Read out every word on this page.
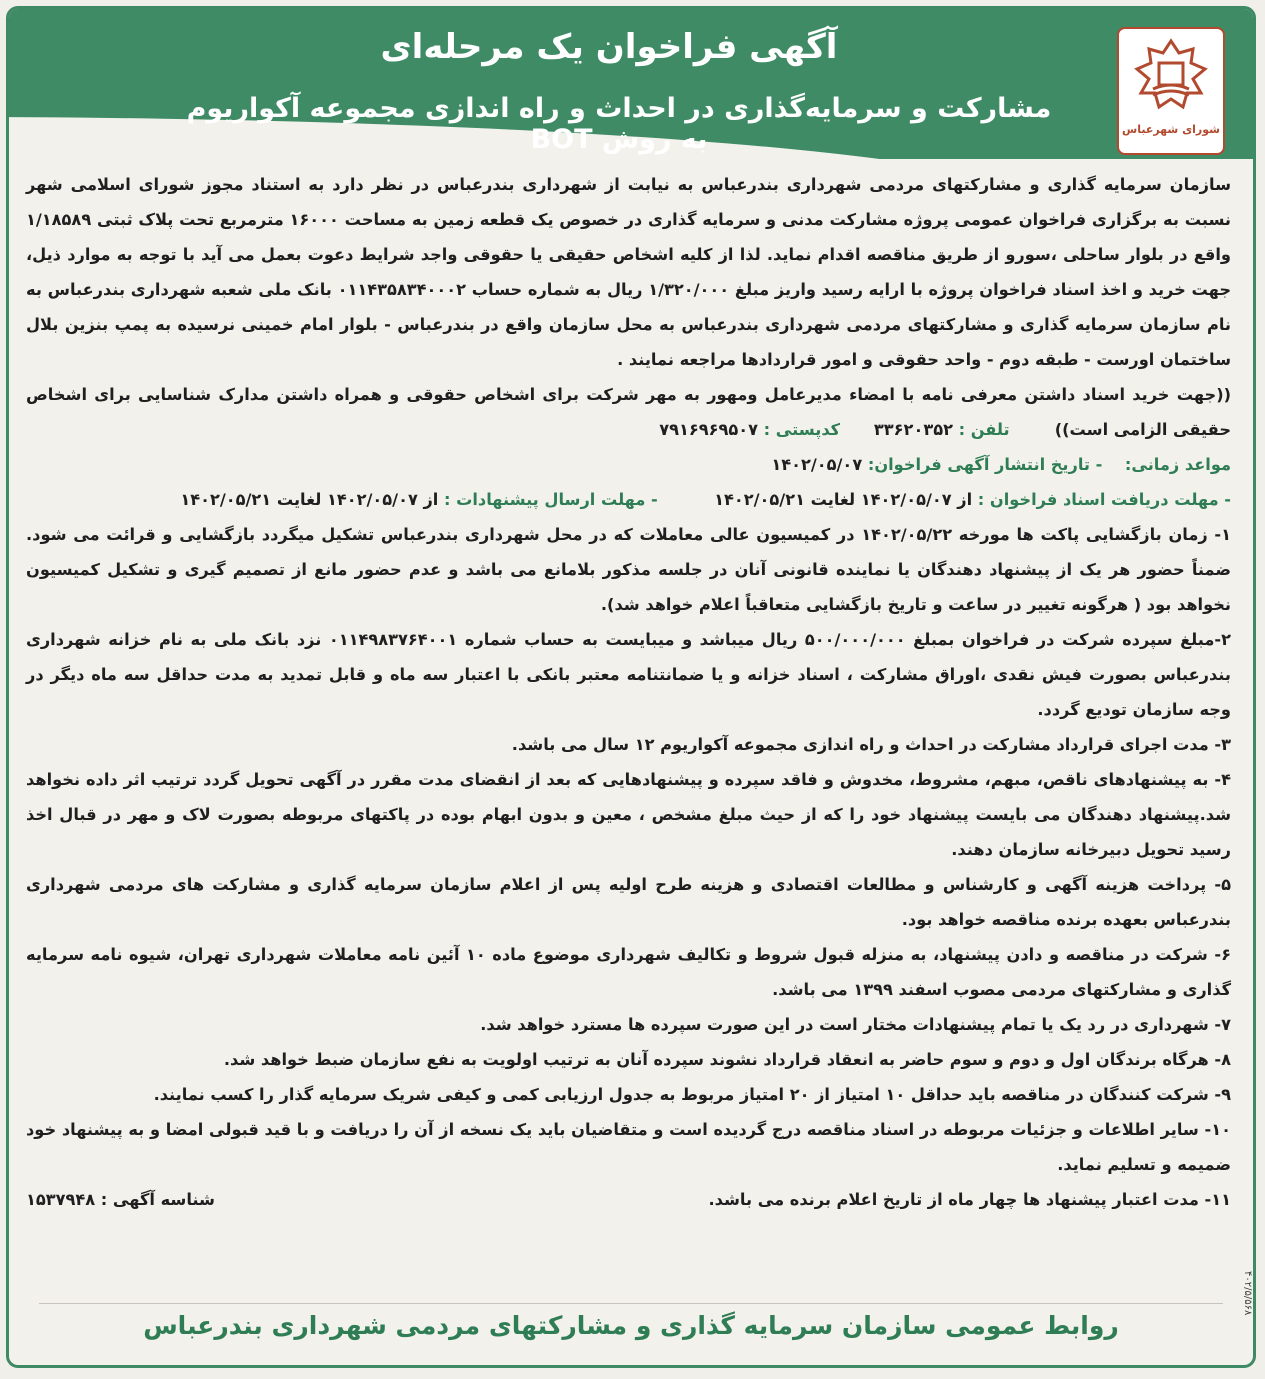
آگهی فراخوان یک مرحله‌ای
مشارکت و سرمایه‌گذاری در احداث و راه اندازی مجموعه آکواریوم به روش BOT	شورای شهرعباس

سازمان سرمایه گذاری و مشارکتهای مردمی شهرداری بندرعباس به نیابت از شهرداری بندرعباس در نظر دارد به استناد مجوز شورای اسلامی شهر نسبت به برگزاری فراخوان عمومی پروژه مشارکت مدنی و سرمایه گذاری در خصوص یک قطعه زمین به مساحت ۱۶۰۰۰ مترمربع تحت پلاک ثبتی ۱/۱۸۵۸۹ واقع در بلوار ساحلی ،سورو از طریق مناقصه اقدام نماید. لذا از کلیه اشخاص حقیقی یا حقوقی واجد شرایط دعوت بعمل می آید با توجه به موارد ذیل، جهت خرید و اخذ اسناد فراخوان پروژه با ارایه رسید واریز مبلغ ۱/۳۲۰/۰۰۰ ریال به شماره حساب ۰۱۱۴۳۵۸۳۴۰۰۰۲ بانک ملی شعبه شهرداری بندرعباس به نام سازمان سرمایه گذاری و مشارکتهای مردمی شهرداری بندرعباس به محل سازمان واقع در بندرعباس - بلوار امام خمینی نرسیده به پمپ بنزین بلال ساختمان اورست - طبقه دوم - واحد حقوقی و امور قراردادها مراجعه نمایند .

((جهت خرید اسناد داشتن معرفی نامه با امضاء مدیرعامل ومهور به مهر شرکت برای اشخاص حقوقی و همراه داشتن مدارک شناسایی برای اشخاص حقیقی الزامی است))        تلفن : ۳۳۶۲۰۳۵۲      کدپستی : ۷۹۱۶۹۶۹۵۰۷

مواعد زمانی:    - تاریخ انتشار آگهی فراخوان: ۱۴۰۲/۰۵/۰۷

- مهلت دریافت اسناد فراخوان : از ۱۴۰۲/۰۵/۰۷ لغایت ۱۴۰۲/۰۵/۲۱          - مهلت ارسال پیشنهادات : از ۱۴۰۲/۰۵/۰۷ لغایت ۱۴۰۲/۰۵/۲۱

۱- زمان بازگشایی پاکت ها مورخه ۱۴۰۲/۰۵/۲۲ در کمیسیون عالی معاملات که در محل شهرداری بندرعباس تشکیل میگردد بازگشایی و قرائت می شود. ضمناً حضور هر یک از پیشنهاد دهندگان یا نماینده قانونی آنان در جلسه مذکور بلامانع می باشد و عدم حضور مانع از تصمیم گیری و تشکیل کمیسیون نخواهد بود ( هرگونه تغییر در ساعت و تاریخ بازگشایی متعاقباً اعلام خواهد شد).

۲-مبلغ سپرده شرکت در فراخوان بمبلغ ۵۰۰/۰۰۰/۰۰۰ ریال میباشد و میبایست به حساب شماره ۰۱۱۴۹۸۳۷۶۴۰۰۱ نزد بانک ملی به نام خزانه شهرداری بندرعباس بصورت فیش نقدی ،اوراق مشارکت ، اسناد خزانه و یا ضمانتنامه معتبر بانکی با اعتبار سه ماه و قابل تمدید به مدت حداقل سه ماه دیگر در وجه سازمان تودیع گردد.

۳- مدت اجرای قرارداد مشارکت در احداث و راه اندازی مجموعه آکواریوم ۱۲ سال می باشد.

۴- به پیشنهادهای ناقص، مبهم، مشروط، مخدوش و فاقد سپرده و پیشنهادهایی که بعد از انقضای مدت مقرر در آگهی تحویل گردد ترتیب اثر داده نخواهد شد.پیشنهاد دهندگان می بایست پیشنهاد خود را که از حیث مبلغ مشخص ، معین و بدون ابهام بوده در پاکتهای مربوطه بصورت لاک و مهر در قبال اخذ رسید تحویل دبیرخانه سازمان دهند.

۵- پرداخت هزینه آگهی و کارشناس و مطالعات اقتصادی و هزینه طرح اولیه پس از اعلام سازمان سرمایه گذاری و مشارکت های مردمی شهرداری بندرعباس بعهده برنده مناقصه خواهد بود.

۶- شرکت در مناقصه و دادن پیشنهاد، به منزله قبول شروط و تکالیف شهرداری موضوع ماده ۱۰ آئین نامه معاملات شهرداری تهران، شیوه نامه سرمایه گذاری و مشارکتهای مردمی مصوب اسفند ۱۳۹۹ می باشد.

۷- شهرداری در رد یک یا تمام پیشنهادات مختار است در این صورت سپرده ها مسترد خواهد شد.

۸- هرگاه برندگان اول و دوم و سوم حاضر به انعقاد قرارداد نشوند سپرده آنان به ترتیب اولویت به نفع سازمان ضبط خواهد شد.

۹- شرکت کنندگان در مناقصه باید حداقل ۱۰ امتیاز از ۲۰ امتیاز مربوط به جدول ارزیابی کمی و کیفی شریک سرمایه گذار را کسب نمایند.

۱۰- سایر اطلاعات و جزئیات مربوطه در اسناد مناقصه درج گردیده است و متقاضیان باید یک نسخه از آن را دریافت و با قید قبولی امضا و به پیشنهاد خود ضمیمه و تسلیم نماید.

۱۱- مدت اعتبار پیشنهاد ها چهار ماه از تاریخ اعلام برنده می باشد.
شناسه آگهی : ۱۵۳۷۹۴۸
روابط عمومی سازمان سرمایه گذاری و مشارکتهای مردمی شهرداری بندرعباس
۴۰۲/۵/۵۶۸
